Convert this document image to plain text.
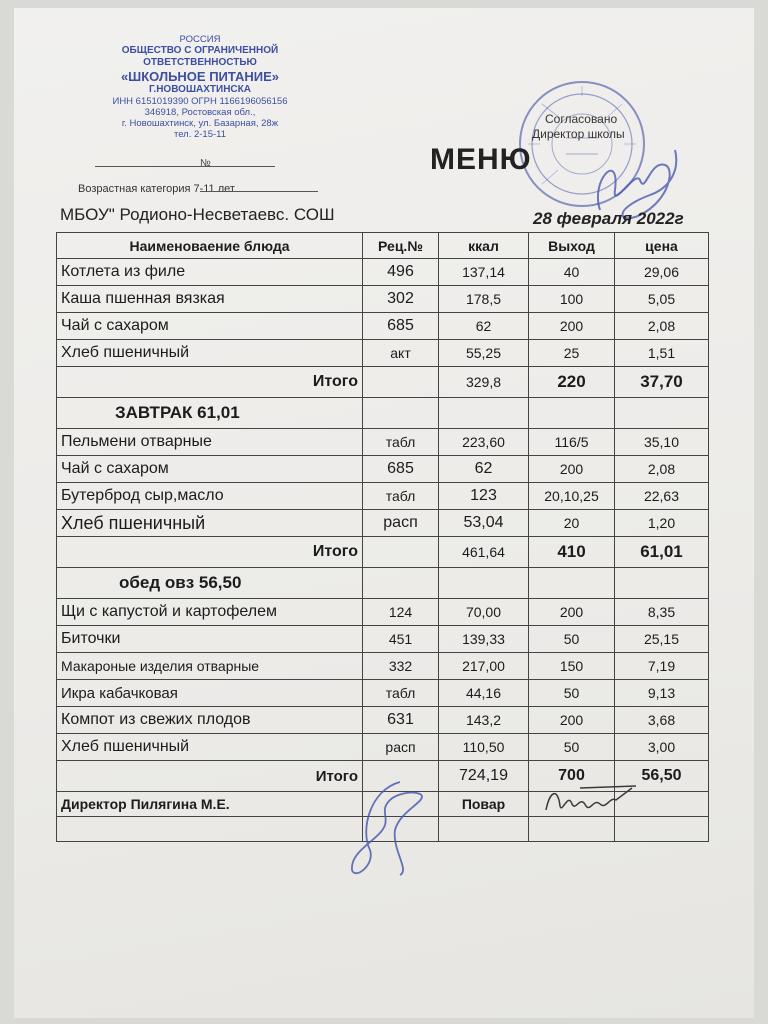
РОССИЯ
ОБЩЕСТВО С ОГРАНИЧЕННОЙ
ОТВЕТСТВЕННОСТЬЮ
«ШКОЛЬНОЕ ПИТАНИЕ»
Г.НОВОШАХТИНСКА
ИНН 6151019390 ОГРН 1166196056156
346918, Ростовская обл.,
г. Новошахтинск, ул. Базарная, 28ж
тел. 2-15-11
№
Возрастная категория 7-11 лет
Согласовано
Директор школы
МЕНЮ
МБОУ" Родионо-Несветаевс. СОШ	28 февраля 2022г
Наименоваение блюда	Рец.№	ккал	Выход	цена
Котлета из филе	496	137,14	40	29,06
Каша пшенная вязкая	302	178,5	100	5,05
Чай с сахаром	685	62	200	2,08
Хлеб пшеничный	акт	55,25	25	1,51
Итого		329,8	220	37,70
ЗАВТРАК 61,01				
Пельмени отварные	табл	223,60	116/5	35,10
Чай с сахаром	685	62	200	2,08
Бутерброд сыр,масло	табл	123	20,10,25	22,63
Хлеб пшеничный	расп	53,04	20	1,20
Итого		461,64	410	61,01
обед овз 56,50				
Щи с капустой и картофелем	124	70,00	200	8,35
Биточки	451	139,33	50	25,15
Макароные изделия отварные	332	217,00	150	7,19
Икра кабачковая	табл	44,16	50	9,13
Компот из свежих плодов	631	143,2	200	3,68
Хлеб пшеничный	расп	110,50	50	3,00
Итого		724,19	700	56,50
Директор Пилягина М.Е.		Повар		
